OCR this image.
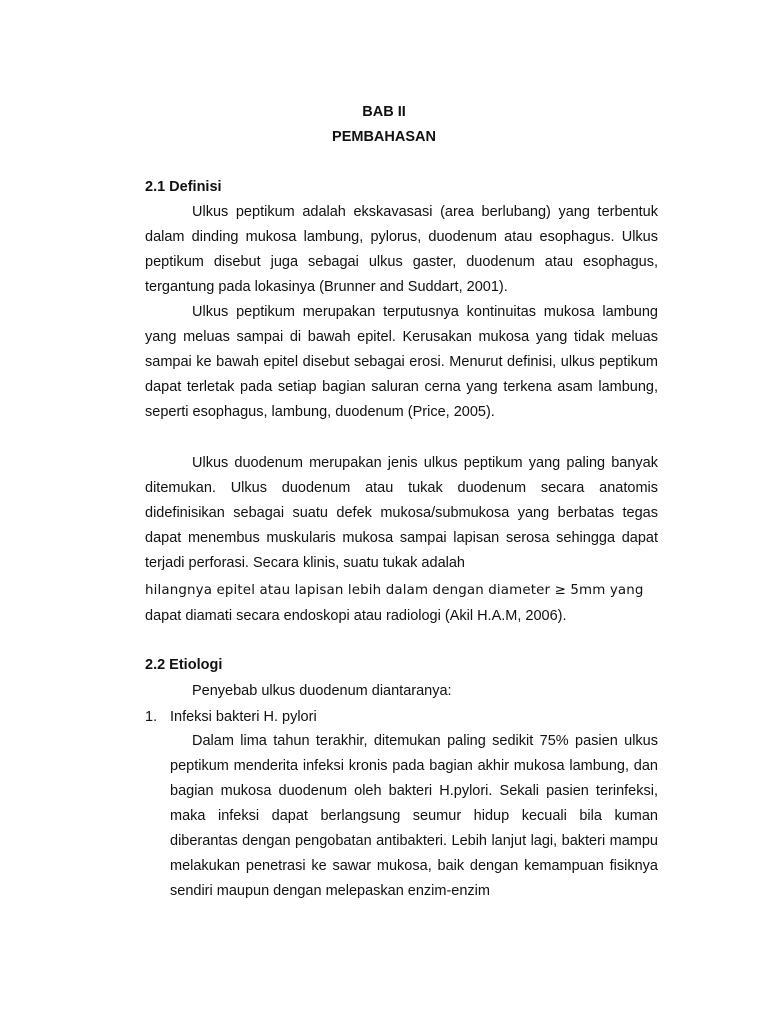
BAB II
PEMBAHASAN
2.1 Definisi

Ulkus peptikum adalah ekskavasasi (area berlubang) yang terbentuk dalam dinding mukosa lambung, pylorus, duodenum atau esophagus. Ulkus peptikum disebut juga sebagai ulkus gaster, duodenum atau esophagus, tergantung pada lokasinya (Brunner and Suddart, 2001).

Ulkus peptikum merupakan terputusnya kontinuitas mukosa lambung yang meluas sampai di bawah epitel. Kerusakan mukosa yang tidak meluas sampai ke bawah epitel disebut sebagai erosi. Menurut definisi, ulkus peptikum dapat terletak pada setiap bagian saluran cerna yang terkena asam lambung, seperti esophagus, lambung, duodenum (Price, 2005).

Ulkus duodenum merupakan jenis ulkus peptikum yang paling banyak ditemukan. Ulkus duodenum atau tukak duodenum secara anatomis didefinisikan sebagai suatu defek mukosa/submukosa yang berbatas tegas dapat menembus muskularis mukosa sampai lapisan serosa sehingga dapat terjadi perforasi. Secara klinis, suatu tukak adalah

hilangnya epitel atau lapisan lebih dalam dengan diameter ≥ 5mm yang
dapat diamati secara endoskopi atau radiologi (Akil H.A.M, 2006).
2.2 Etiologi
Penyebab ulkus duodenum diantaranya:
1. Infeksi bakteri H. pylori

Dalam lima tahun terakhir, ditemukan paling sedikit 75% pasien ulkus peptikum menderita infeksi kronis pada bagian akhir mukosa lambung, dan bagian mukosa duodenum oleh bakteri H.pylori. Sekali pasien terinfeksi, maka infeksi dapat berlangsung seumur hidup kecuali bila kuman diberantas dengan pengobatan antibakteri. Lebih lanjut lagi, bakteri mampu melakukan penetrasi ke sawar mukosa, baik dengan kemampuan fisiknya sendiri maupun dengan melepaskan enzim-enzim
